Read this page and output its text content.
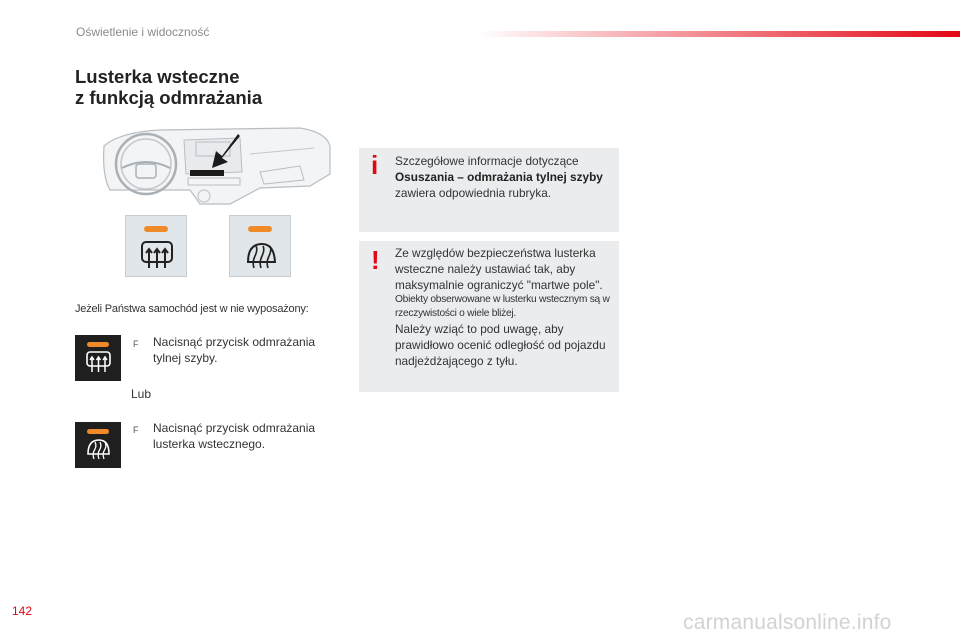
Oświetlenie i widoczność
Lusterka wsteczne
z funkcją odmrażania
Jeżeli Państwa samochód jest w nie wyposażony:
F	Nacisnąć przycisk odmrażania tylnej szyby.
Lub
F	Nacisnąć przycisk odmrażania lusterka wstecznego.
i Szczegółowe informacje dotyczące
Osuszania – odmrażania tylnej szyby
zawiera odpowiednia rubryka.
! Ze względów bezpieczeństwa lusterka wsteczne należy ustawiać tak, aby maksymalnie ograniczyć "martwe pole".
Obiekty obserwowane w lusterku wstecznym są w rzeczywistości o wiele bliżej.
Należy wziąć to pod uwagę, aby prawidłowo ocenić odległość od pojazdu nadjeżdżającego z tyłu.
142	carmanualsonline.info
